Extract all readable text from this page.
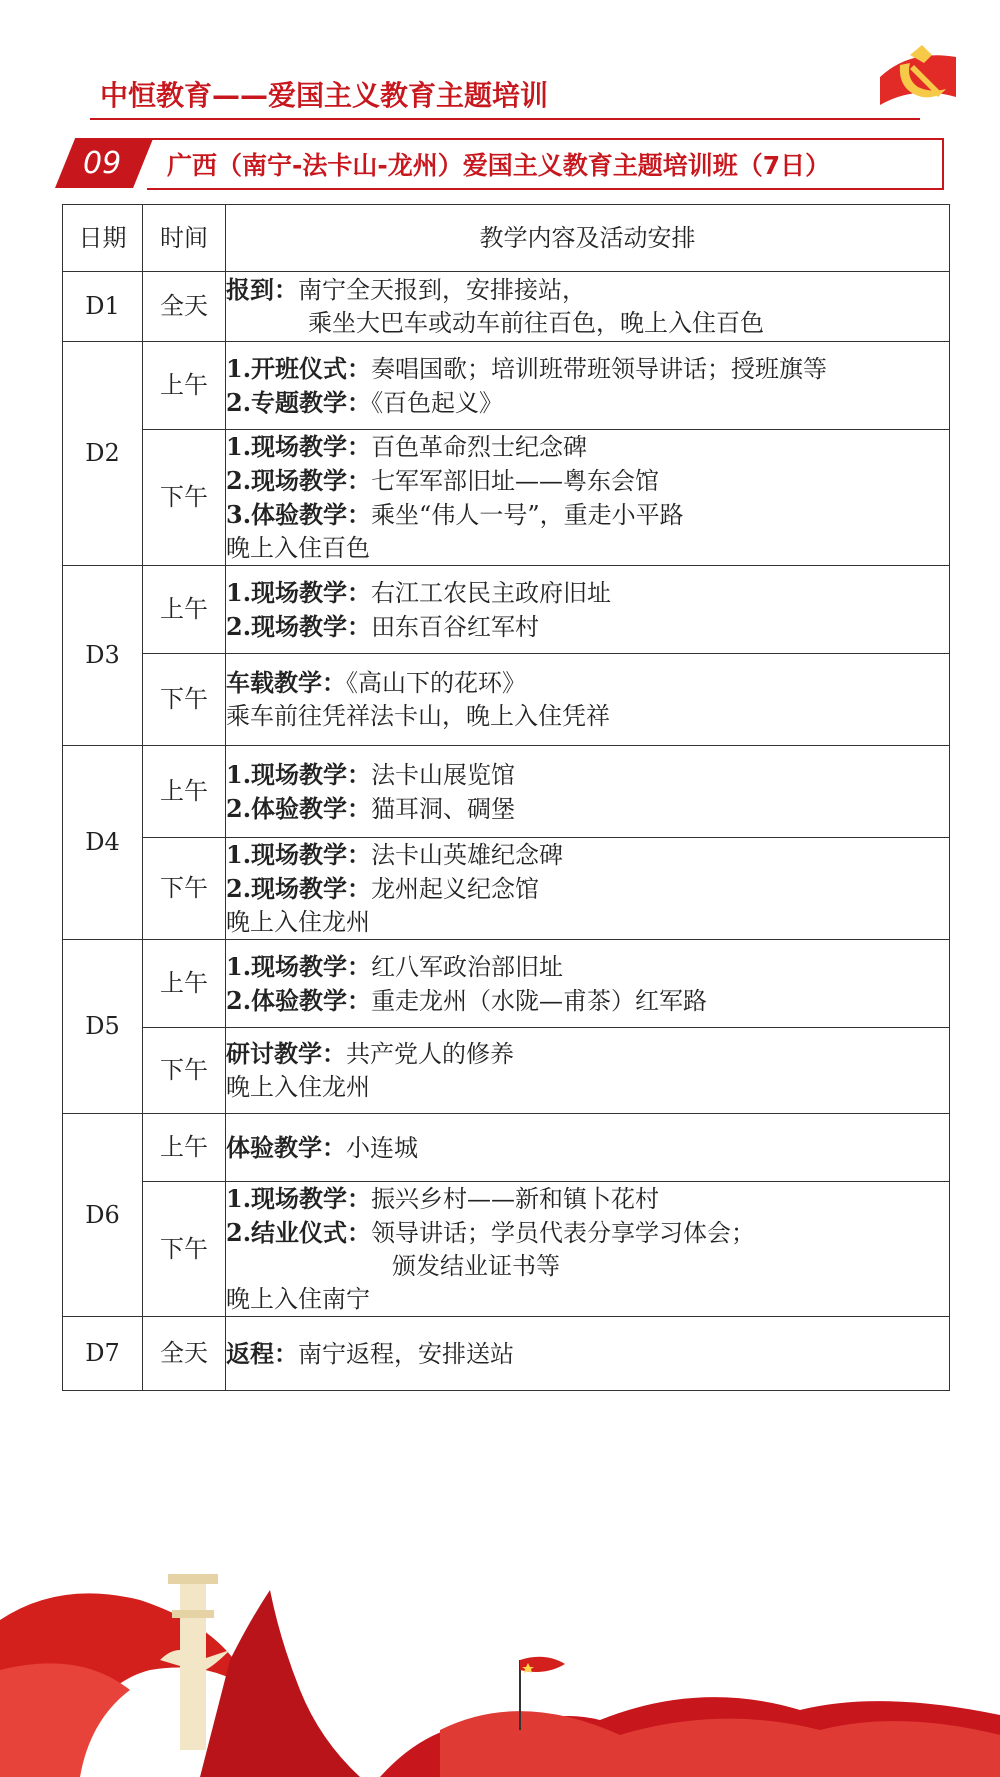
中恒教育——爱国主义教育主题培训
09 广西（南宁-法卡山-龙州）爱国主义教育主题培训班（7日）
日期	时间	教学内容及活动安排
D1	全天	报到：南宁全天报到，安排接站，
乘坐大巴车或动车前往百色，晚上入住百色

D2	上午	1.开班仪式：奏唱国歌；培训班带班领导讲话；授班旗等
2.专题教学：《百色起义》

	下午	1.现场教学：百色革命烈士纪念碑
2.现场教学：七军军部旧址——粤东会馆
3.体验教学：乘坐“伟人一号”，重走小平路
晚上入住百色

D3	上午	1.现场教学：右江工农民主政府旧址
2.现场教学：田东百谷红军村

	下午	车载教学：《高山下的花环》
乘车前往凭祥法卡山，晚上入住凭祥

D4	上午	1.现场教学：法卡山展览馆
2.体验教学：猫耳洞、碉堡

	下午	1.现场教学：法卡山英雄纪念碑
2.现场教学：龙州起义纪念馆
晚上入住龙州

D5	上午	1.现场教学：红八军政治部旧址
2.体验教学：重走龙州（水陇—甫茶）红军路

	下午	研讨教学：共产党人的修养
晚上入住龙州

D6	上午	体验教学：小连城

	下午	1.现场教学：振兴乡村——新和镇卜花村
2.结业仪式：领导讲话；学员代表分享学习体会；
颁发结业证书等
晚上入住南宁

D7	全天	返程：南宁返程，安排送站
